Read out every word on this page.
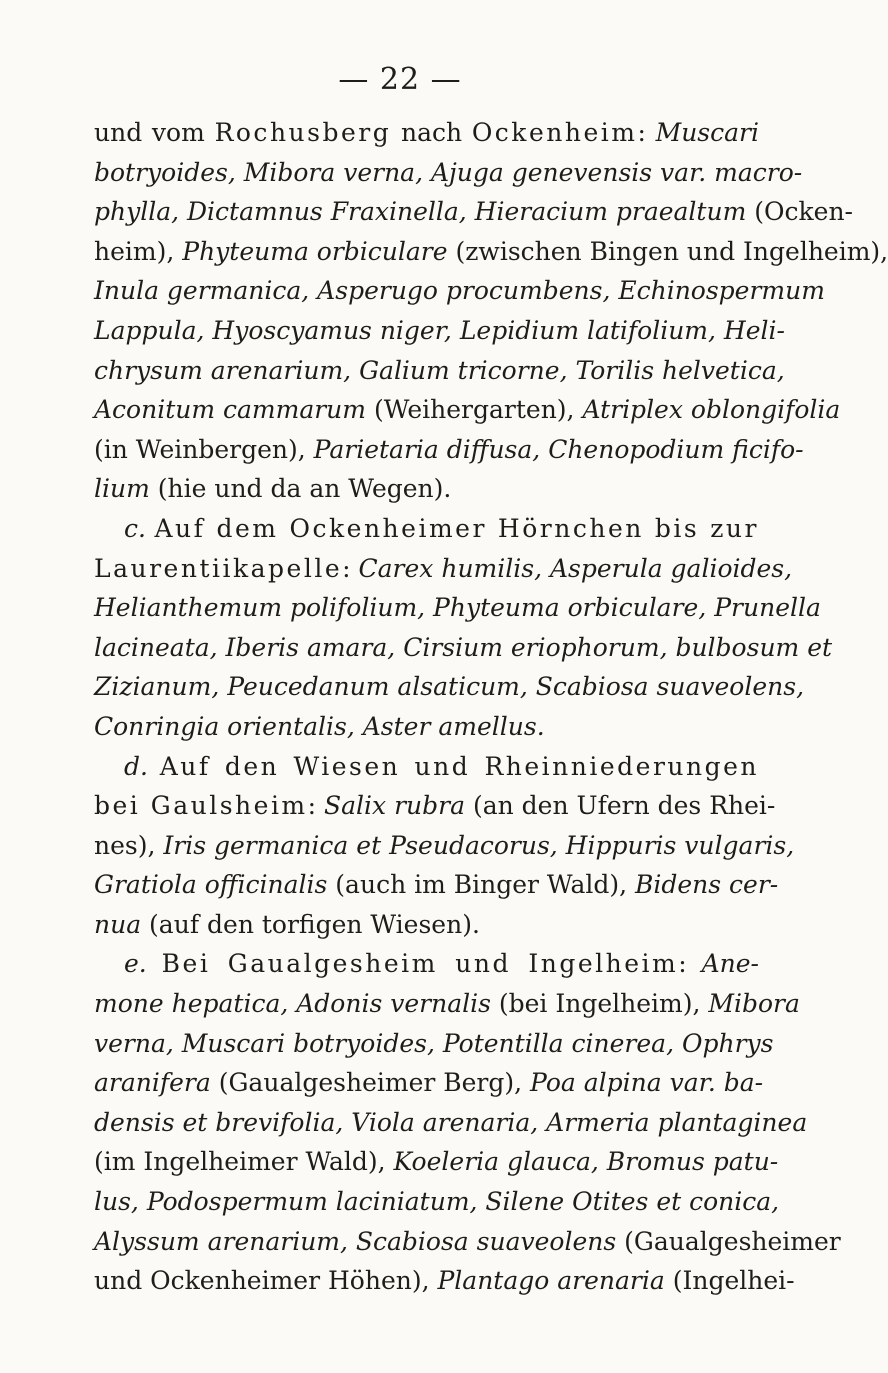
— 22 —
und vom Rochusberg nach Ockenheim: Muscari
botryoides, Mibora verna, Ajuga genevensis var. macro-
phylla, Dictamnus Fraxinella, Hieracium praealtum (Ocken-
heim), Phyteuma orbiculare (zwischen Bingen und Ingelheim),
Inula germanica, Asperugo procumbens, Echinospermum
Lappula, Hyoscyamus niger, Lepidium latifolium, Heli-
chrysum arenarium, Galium tricorne, Torilis helvetica,
Aconitum cammarum (Weihergarten), Atriplex oblongifolia
(in Weinbergen), Parietaria diffusa, Chenopodium ficifo-
lium (hie und da an Wegen).
c. Auf dem Ockenheimer Hörnchen bis zur
Laurentiikapelle: Carex humilis, Asperula galioides,
Helianthemum polifolium, Phyteuma orbiculare, Prunella
lacineata, Iberis amara, Cirsium eriophorum, bulbosum et
Zizianum, Peucedanum alsaticum, Scabiosa suaveolens,
Conringia orientalis, Aster amellus.
d. Auf den Wiesen und Rheinniederungen
bei Gaulsheim: Salix rubra (an den Ufern des Rhei-
nes), Iris germanica et Pseudacorus, Hippuris vulgaris,
Gratiola officinalis (auch im Binger Wald), Bidens cer-
nua (auf den torfigen Wiesen).
e. Bei Gaualgesheim und Ingelheim: Ane-
mone hepatica, Adonis vernalis (bei Ingelheim), Mibora
verna, Muscari botryoides, Potentilla cinerea, Ophrys
aranifera (Gaualgesheimer Berg), Poa alpina var. ba-
densis et brevifolia, Viola arenaria, Armeria plantaginea
(im Ingelheimer Wald), Koeleria glauca, Bromus patu-
lus, Podospermum laciniatum, Silene Otites et conica,
Alyssum arenarium, Scabiosa suaveolens (Gaualgesheimer
und Ockenheimer Höhen), Plantago arenaria (Ingelhei-
